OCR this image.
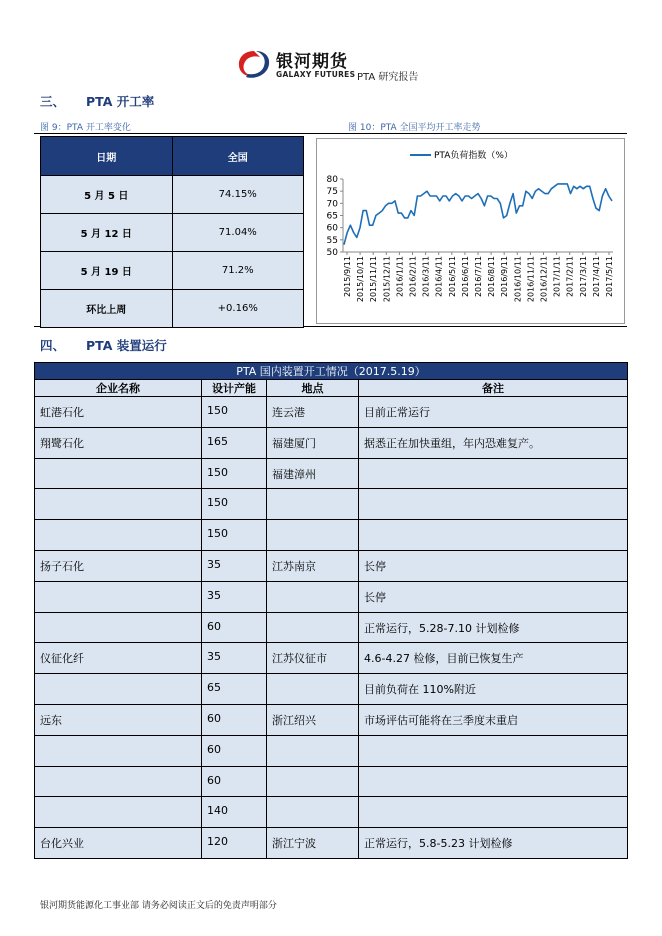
银河期货
GALAXY FUTURES PTA 研究报告
三、 PTA 开工率
图 9：PTA 开工率变化	图 10：PTA 全国平均开工率走势
日期	全国
5 月 5 日	74.15%
5 月 12 日	71.04%
5 月 19 日	71.2%
环比上周	+0.16%
50
55
60
65
70
75
80
2015/9/11 2015/10/11 2015/11/11 2015/12/11 2016/1/11 2016/2/11 2016/3/11 2016/4/11 2016/5/11 2016/6/11 2016/7/11 2016/8/11 2016/9/11 2016/10/11 2016/11/11 2016/12/11 2017/1/11 2017/2/11 2017/3/11 2017/4/11 2017/5/11
PTA负荷指数（%）
四、 PTA 装置运行
PTA 国内装置开工情况（2017.5.19）			
企业名称	设计产能	地点	备注
虹港石化	150	连云港	目前正常运行
翔鹭石化	165	福建厦门	据悉正在加快重组，年内恐难复产。
	150	福建漳州	
	150		
	150		
扬子石化	35	江苏南京	长停
	35		长停
	60		正常运行，5.28-7.10 计划检修
仪征化纤	35	江苏仪征市	4.6-4.27 检修，目前已恢复生产
	65		目前负荷在 110%附近
远东	60	浙江绍兴	市场评估可能将在三季度末重启
	60		
	60		
	140		
台化兴业	120	浙江宁波	正常运行，5.8-5.23 计划检修
银河期货能源化工事业部 请务必阅读正文后的免责声明部分
